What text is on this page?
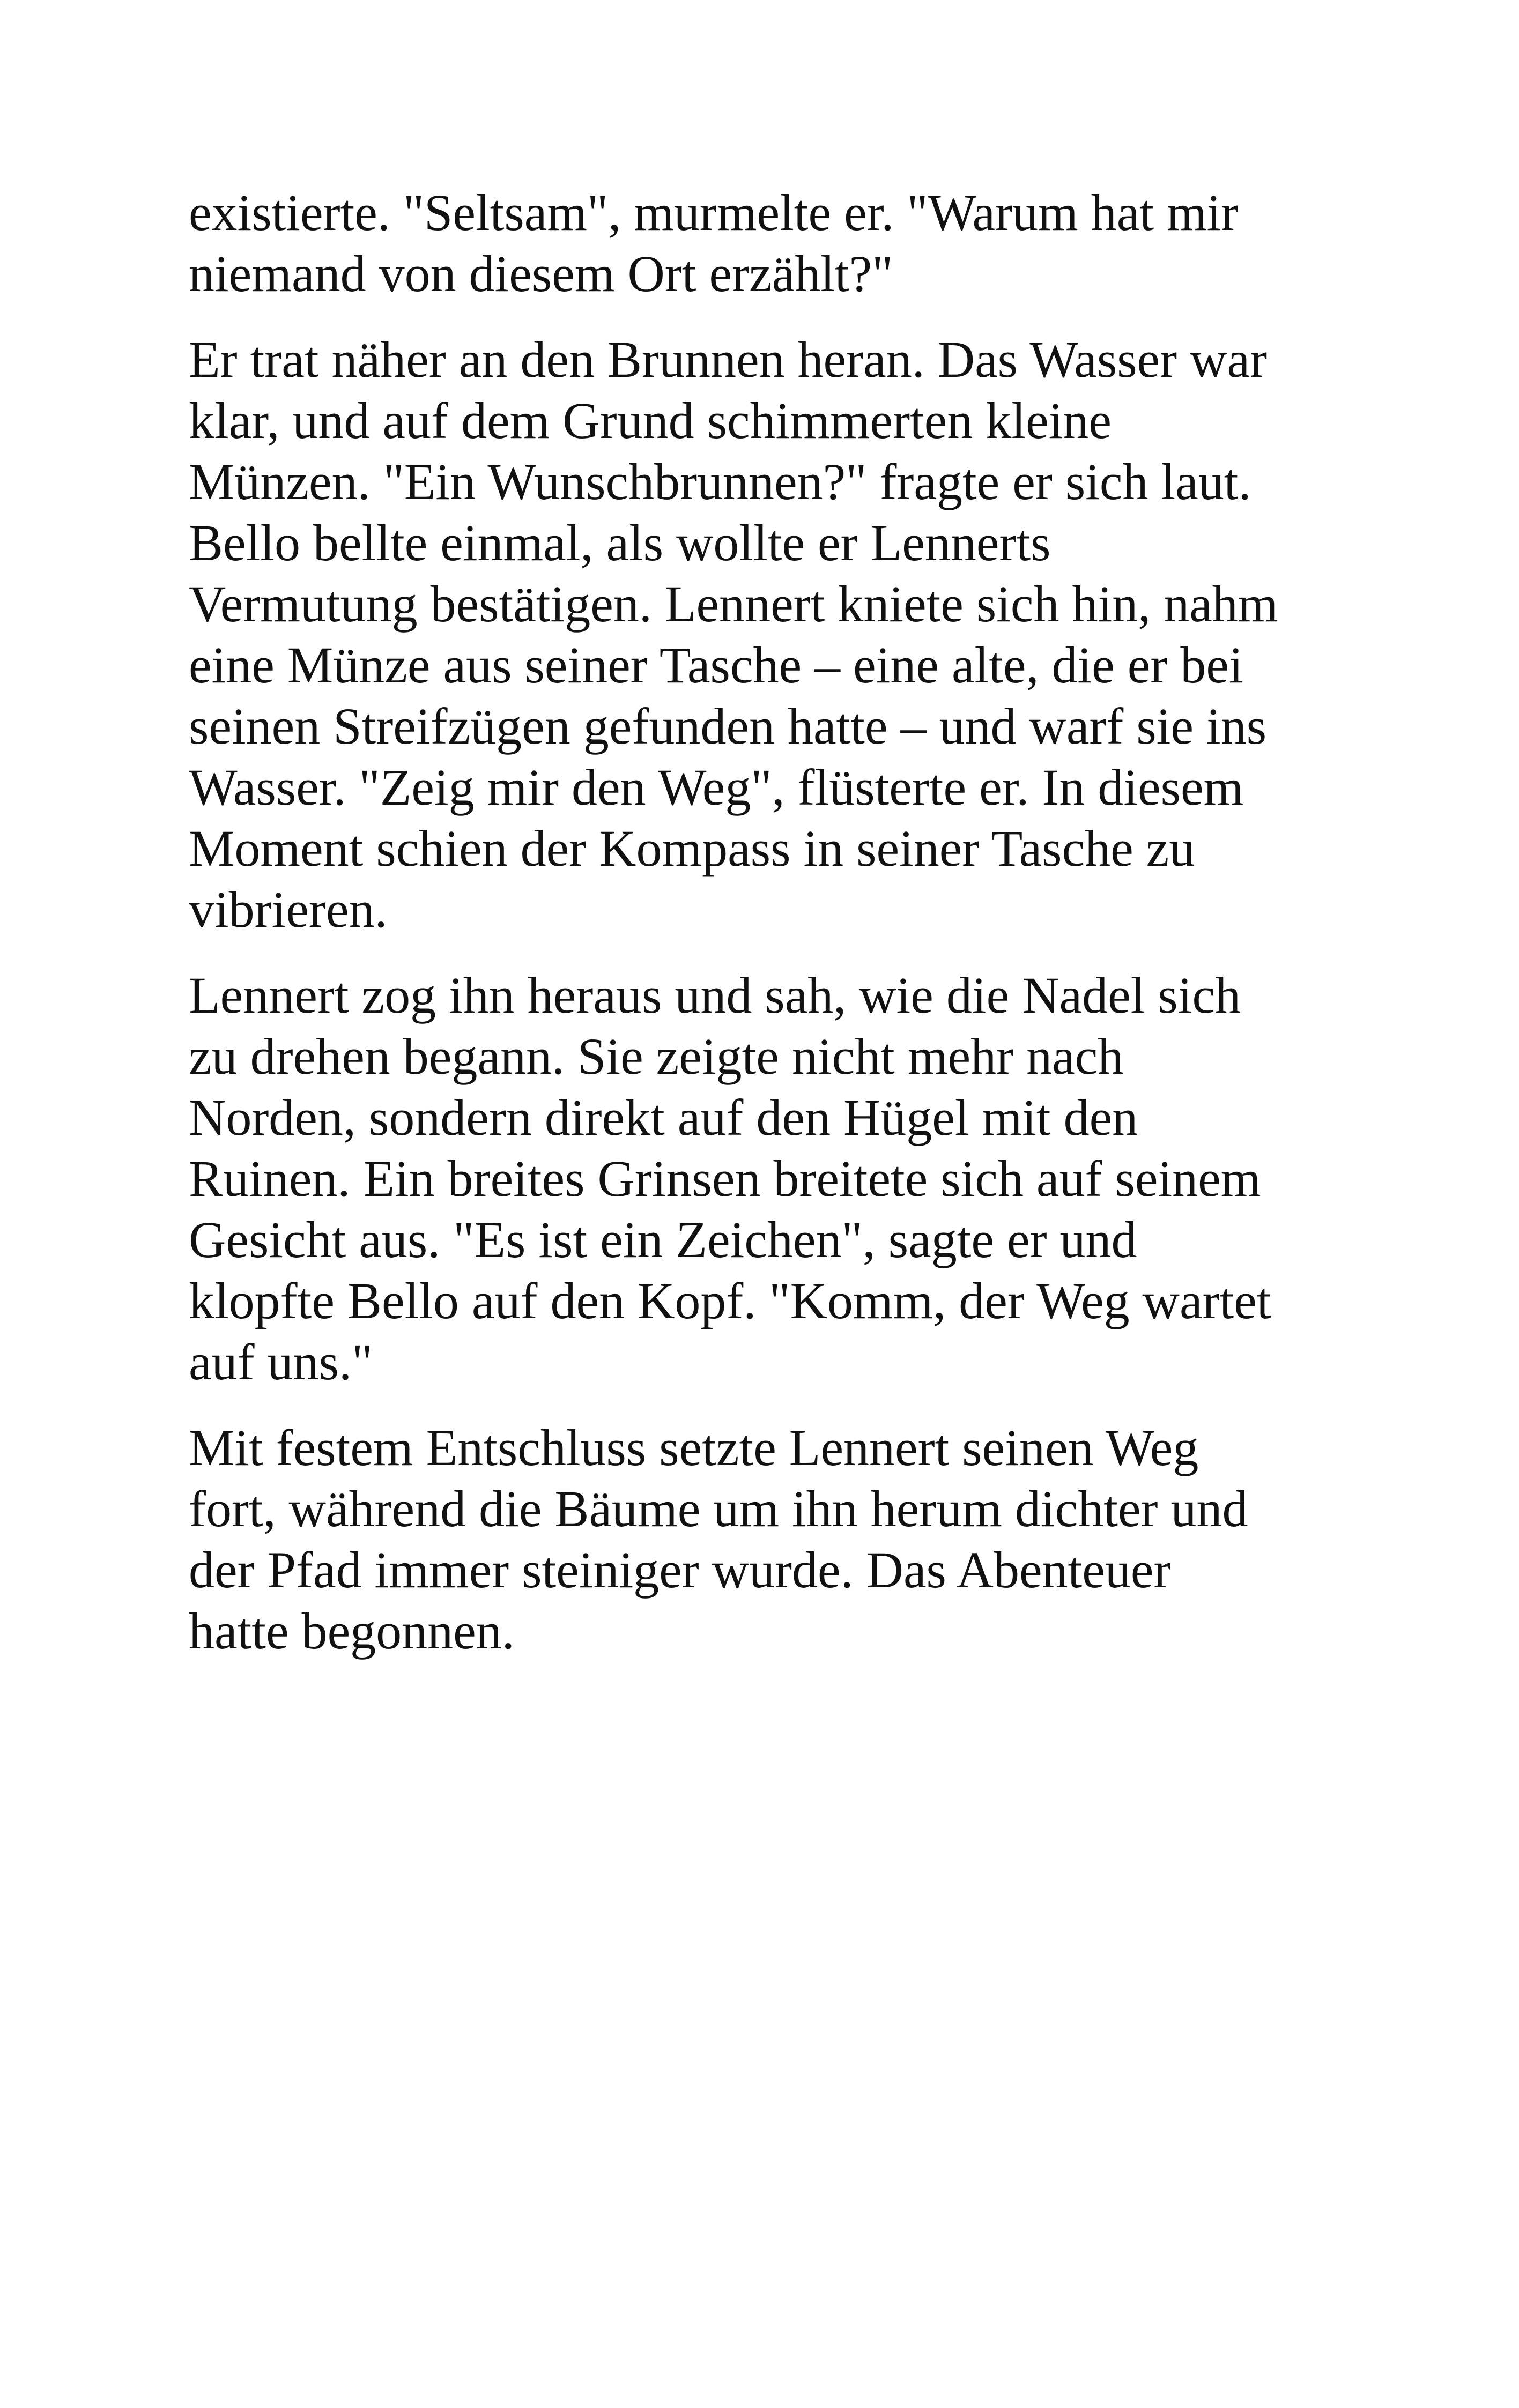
existierte. "Seltsam", murmelte er. "Warum hat mir
niemand von diesem Ort erzählt?"

Er trat näher an den Brunnen heran. Das Wasser war
klar, und auf dem Grund schimmerten kleine
Münzen. "Ein Wunschbrunnen?" fragte er sich laut.
Bello bellte einmal, als wollte er Lennerts
Vermutung bestätigen. Lennert kniete sich hin, nahm
eine Münze aus seiner Tasche – eine alte, die er bei
seinen Streifzügen gefunden hatte – und warf sie ins
Wasser. "Zeig mir den Weg", flüsterte er. In diesem
Moment schien der Kompass in seiner Tasche zu
vibrieren.

Lennert zog ihn heraus und sah, wie die Nadel sich
zu drehen begann. Sie zeigte nicht mehr nach
Norden, sondern direkt auf den Hügel mit den
Ruinen. Ein breites Grinsen breitete sich auf seinem
Gesicht aus. "Es ist ein Zeichen", sagte er und
klopfte Bello auf den Kopf. "Komm, der Weg wartet
auf uns."

Mit festem Entschluss setzte Lennert seinen Weg
fort, während die Bäume um ihn herum dichter und
der Pfad immer steiniger wurde. Das Abenteuer
hatte begonnen.
